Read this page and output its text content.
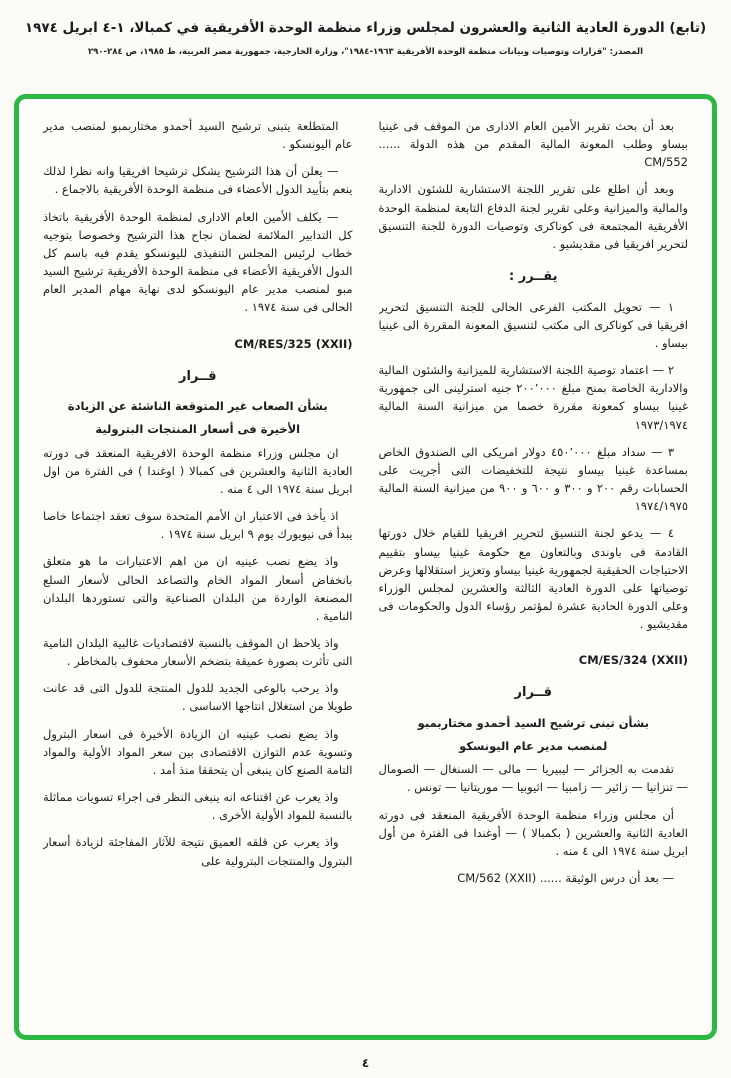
(تابع) الدورة العادية الثانية والعشرون لمجلس وزراء منظمة الوحدة الأفريقية في كمبالا، ١-٤ ابريل ١٩٧٤
المصدر: "قرارات وتوصيات وبيانات منظمة الوحدة الأفريقية ١٩٦٣-١٩٨٤"، وزارة الخارجية، جمهورية مصر العربية، ط ١٩٨٥، ص ٢٨٤-٢٩٠
بعد أن بحث تقرير الأمين العام الادارى من الموقف فى غينيا بيساو وطلب المعونة المالية المقدم من هذه الدولة ...... CM/552
وبعد أن اطلع على تقرير اللجنة الاستشارية للشئون الادارية والمالية والميزانية وعلى تقرير لجنة الدفاع التابعة لمنظمة الوحدة الأفريقية المجتمعة فى كوناكرى وتوصيات الدورة للجنة التنسيق لتحرير افريقيا فى مقديشيو .
يقــرر :
١ — تحويل المكتب الفرعى الحالى للجنة التنسيق لتحرير افريقيا فى كوناكرى الى مكتب لتنسيق المعونة المقررة الى غينيا بيساو .
٢ — اعتماد توصية اللجنة الاستشارية للميزانية والشئون المالية والادارية الخاصة بمنح مبلغ ٢٠٠٬٠٠٠ جنيه استرلينى الى جمهورية غينيا بيساو كمعونة مقررة خصما من ميزانية السنة المالية ١٩٧٣/١٩٧٤
٣ — سداد مبلغ ٤٥٠٬٠٠٠ دولار امريكى الى الصندوق الخاص بمساعدة غينيا بيساو نتيجة للتخفيضات التى أجريت على الحسابات رقم ٢٠٠ و ٣٠٠ و ٦٠٠ و ٩٠٠ من ميزانية السنة المالية ١٩٧٤/١٩٧٥
٤ — يدعو لجنة التنسيق لتحرير افريقيا للقيام خلال دورتها القادمة فى باوندى وبالتعاون مع حكومة غينيا بيساو بتقييم الاحتياجات الحقيقية لجمهورية غينيا بيساو وتعزيز استقلالها وعرض توصياتها على الدورة العادية الثالثة والعشرين لمجلس الوزراء وعلى الدورة الحادية عشرة لمؤتمر رؤساء الدول والحكومات فى مقديشيو .
CM/ES/324 (XXII)
قــرار
بشأن تبنى ترشيح السيد أحمدو مختاربمبو
لمنصب مدير عام اليونسكو
تقدمت به الجزائر — ليبيريا — مالى — السنغال — الصومال — تنزانيا — زائير — زامبيا — اثيوبيا — موريتانيا — تونس .
أن مجلس وزراء منظمة الوحدة الأفريقية المنعقد فى دورته العادية الثانية والعشرين ( بكمبالا ) — أوغندا فى الفترة من أول ابريل سنة ١٩٧٤ الى ٤ منه .
— بعد أن درس الوثيقة ...... CM/562 (XXII)
المتطلعة يتبنى ترشيح السيد أحمدو مختاربمبو لمنصب مدير عام اليونسكو .
— يعلن أن هذا الترشيح يشكل ترشيحا افريقيا وانه نظرا لذلك ينعم بتأييد الدول الأعضاء فى منظمة الوحدة الأفريقية بالاجماع .
— يكلف الأمين العام الادارى لمنظمة الوحدة الأفريقية باتخاذ كل التدابير الملائمة لضمان نجاح هذا الترشيح وخصوصا بتوجيه خطاب لرئيس المجلس التنفيذى لليونسكو يقدم فيه باسم كل الدول الأفريقية الأعضاء فى منظمة الوحدة الأفريقية ترشيح السيد مبو لمنصب مدير عام اليونسكو لدى نهاية مهام المدير العام الحالى فى سنة ١٩٧٤ .
CM/RES/325 (XXII)
قــرار
بشأن الصعاب غير المتوقعة الناشئة عن الزيادة
الأخيرة فى أسعار المنتجات البترولية
ان مجلس وزراء منظمة الوحدة الافريقية المنعقد فى دورته العادية الثانية والعشرين فى كمبالا ( اوغندا ) فى الفترة من اول ابريل سنة ١٩٧٤ الى ٤ منه .
اذ يأخذ فى الاعتبار ان الأمم المتحدة سوف تعقد اجتماعا خاصا يبدأ فى نيويورك يوم ٩ ابريل سنة ١٩٧٤ .
واذ يضع نصب عينيه ان من اهم الاعتبارات ما هو متعلق بانخفاض أسعار المواد الخام والتصاعد الحالى لأسعار السلع المصنعة الواردة من البلدان الصناعية والتى تستوردها البلدان النامية .
واذ يلاحظ ان الموقف بالنسبة لاقتصاديات غالبية البلدان النامية التى تأثرت بصورة عميقة بتضخم الأسعار محفوف بالمخاطر .
واذ يرحب بالوعى الجديد للدول المنتجة للدول التى قد عانت طويلا من استغلال انتاجها الاساسى .
واذ يضع نصب عينيه ان الزيادة الأخيرة فى اسعار البترول وتسوية عدم التوازن الاقتصادى بين سعر المواد الأولية والمواد التامة الصنع كان ينبغى أن يتحققا منذ أمد .
واذ يعرب عن اقتناعه انه ينبغى النظر فى اجراء تسويات مماثلة بالنسبة للمواد الأولية الأخرى .
واذ يعرب عن قلقه العميق نتيجة للآثار المفاجئة لزيادة أسعار البترول والمنتجات البترولية على
٤
